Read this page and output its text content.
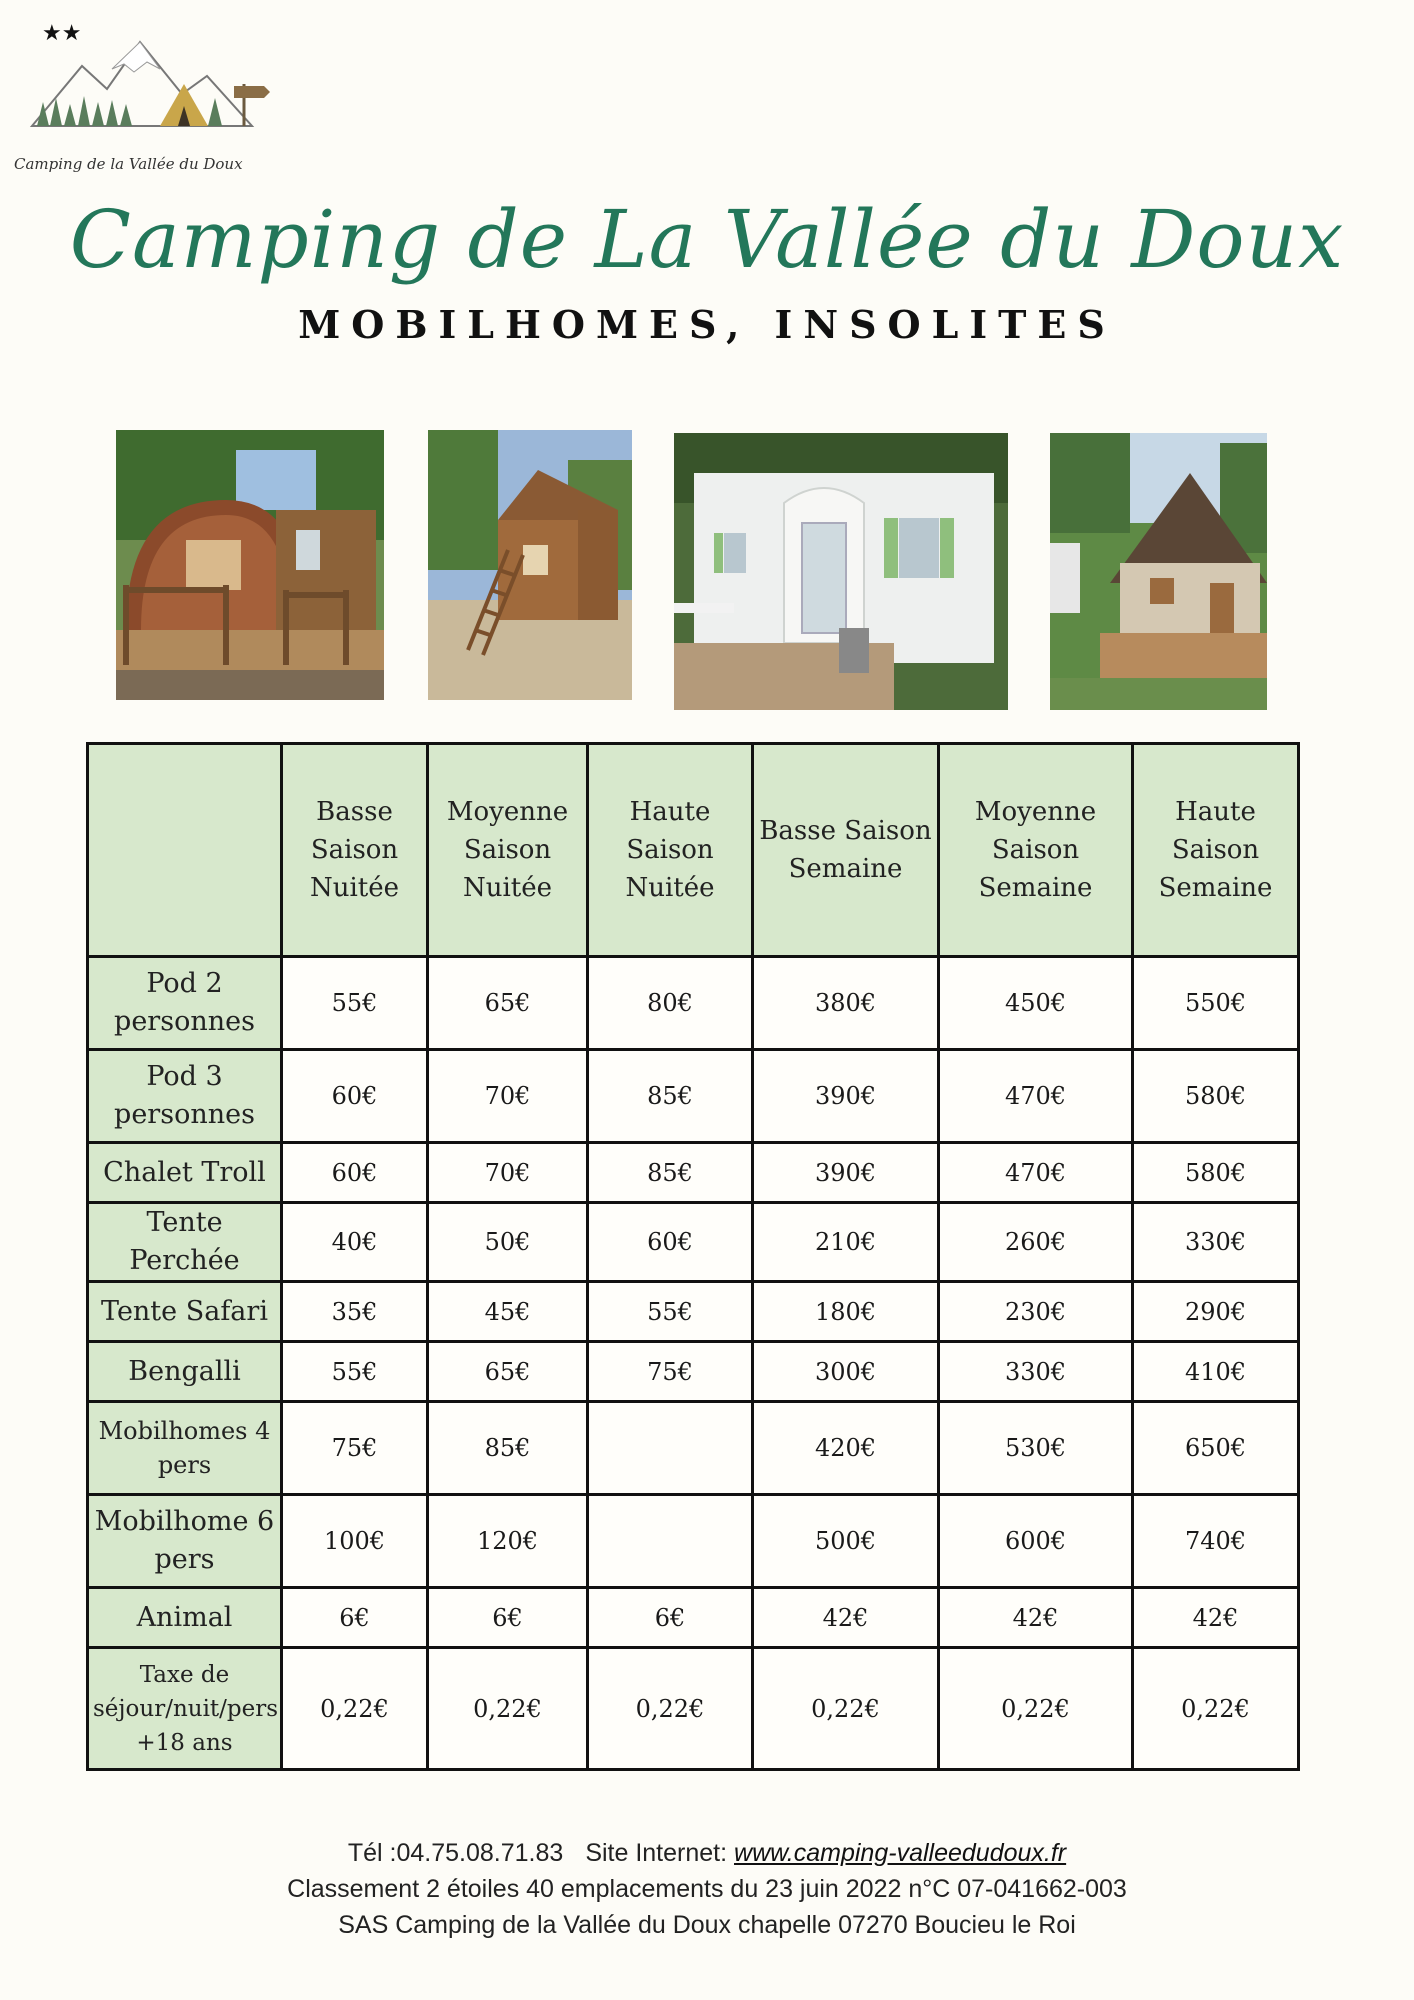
★★
Camping de la Vallée du Doux
Camping de La Vallée du Doux
MOBILHOMES, INSOLITES
	Basse Saison Nuitée	Moyenne Saison Nuitée	Haute Saison Nuitée	Basse Saison Semaine	Moyenne Saison Semaine	Haute Saison Semaine
Pod 2 personnes	55€	65€	80€	380€	450€	550€
Pod 3 personnes	60€	70€	85€	390€	470€	580€
Chalet Troll	60€	70€	85€	390€	470€	580€
Tente Perchée	40€	50€	60€	210€	260€	330€
Tente Safari	35€	45€	55€	180€	230€	290€
Bengalli	55€	65€	75€	300€	330€	410€
Mobilhomes 4 pers	75€	85€		420€	530€	650€
Mobilhome 6 pers	100€	120€		500€	600€	740€
Animal	6€	6€	6€	42€	42€	42€
Taxe de séjour/nuit/pers +18 ans	0,22€	0,22€	0,22€	0,22€	0,22€	0,22€
Tél :04.75.08.71.83 Site Internet: www.camping-valleedudoux.fr
Classement 2 étoiles 40 emplacements du 23 juin 2022 n°C 07-041662-003
SAS Camping de la Vallée du Doux chapelle 07270 Boucieu le Roi
